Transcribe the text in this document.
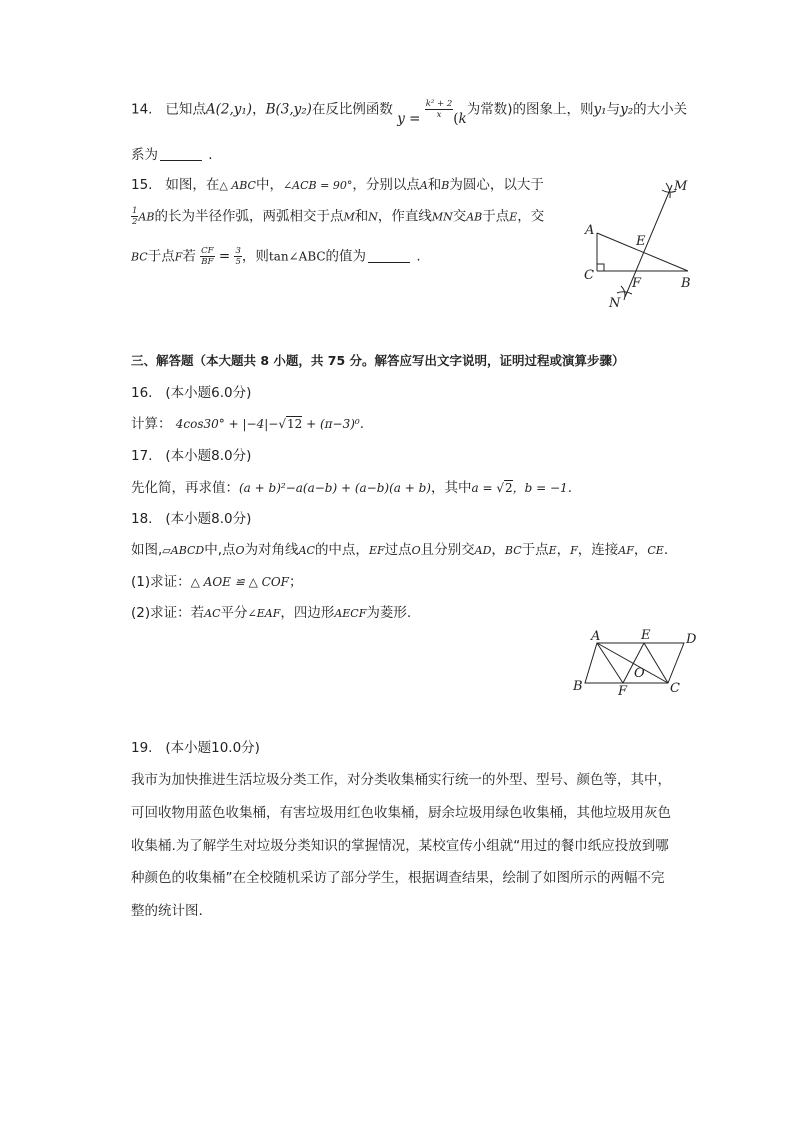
14. 已知点A(2,y₁)，B(3,y₂)在反比例函数 $y = \frac{\text{k² + 2}}{x} (k$为常数)的图象上，则y₁与y₂的大小关
系为	.
15. 如图，在△ ABC中，∠ACB = 90°，分别以点A和B为圆心，以大于
$\frac{1}{2}$ AB的长为半径作弧，两弧相交于点M和N，作直线MN交AB于点E，交
BC于点F若 $\frac{CF}{BF} = \frac{3}{5}$ ，则tan∠ABC的值为	.
M
A
E
C
F	B
N
三、解答题（本大题共 8 小题，共 75 分。解答应写出文字说明，证明过程或演算步骤）
16. (本小题6.0分)
计算： 4cos30° + |−4|−√12 + (π−3)⁰.
17. (本小题8.0分)
先化简，再求值：(a + b)²−a(a−b) + (a−b)(a + b)，其中a = √2，b = −1.
18. (本小题8.0分)
如图,▱ABCD中,点O为对角线AC的中点，EF过点O且分别交AD，BC于点E，F，连接AF，CE.
(1)求证：△ AOE ≌ △ COF；
(2)求证：若AC平分∠EAF，四边形AECF为菱形.
A	E	D
O
B	F	C
19. (本小题10.0分)
我市为加快推进生活垃圾分类工作，对分类收集桶实行统一的外型、型号、颜色等，其中，
可回收物用蓝色收集桶，有害垃圾用红色收集桶，厨余垃圾用绿色收集桶，其他垃圾用灰色
收集桶.为了解学生对垃圾分类知识的掌握情况，某校宣传小组就“用过的餐巾纸应投放到哪
种颜色的收集桶”在全校随机采访了部分学生，根据调查结果，绘制了如图所示的两幅不完
整的统计图.
